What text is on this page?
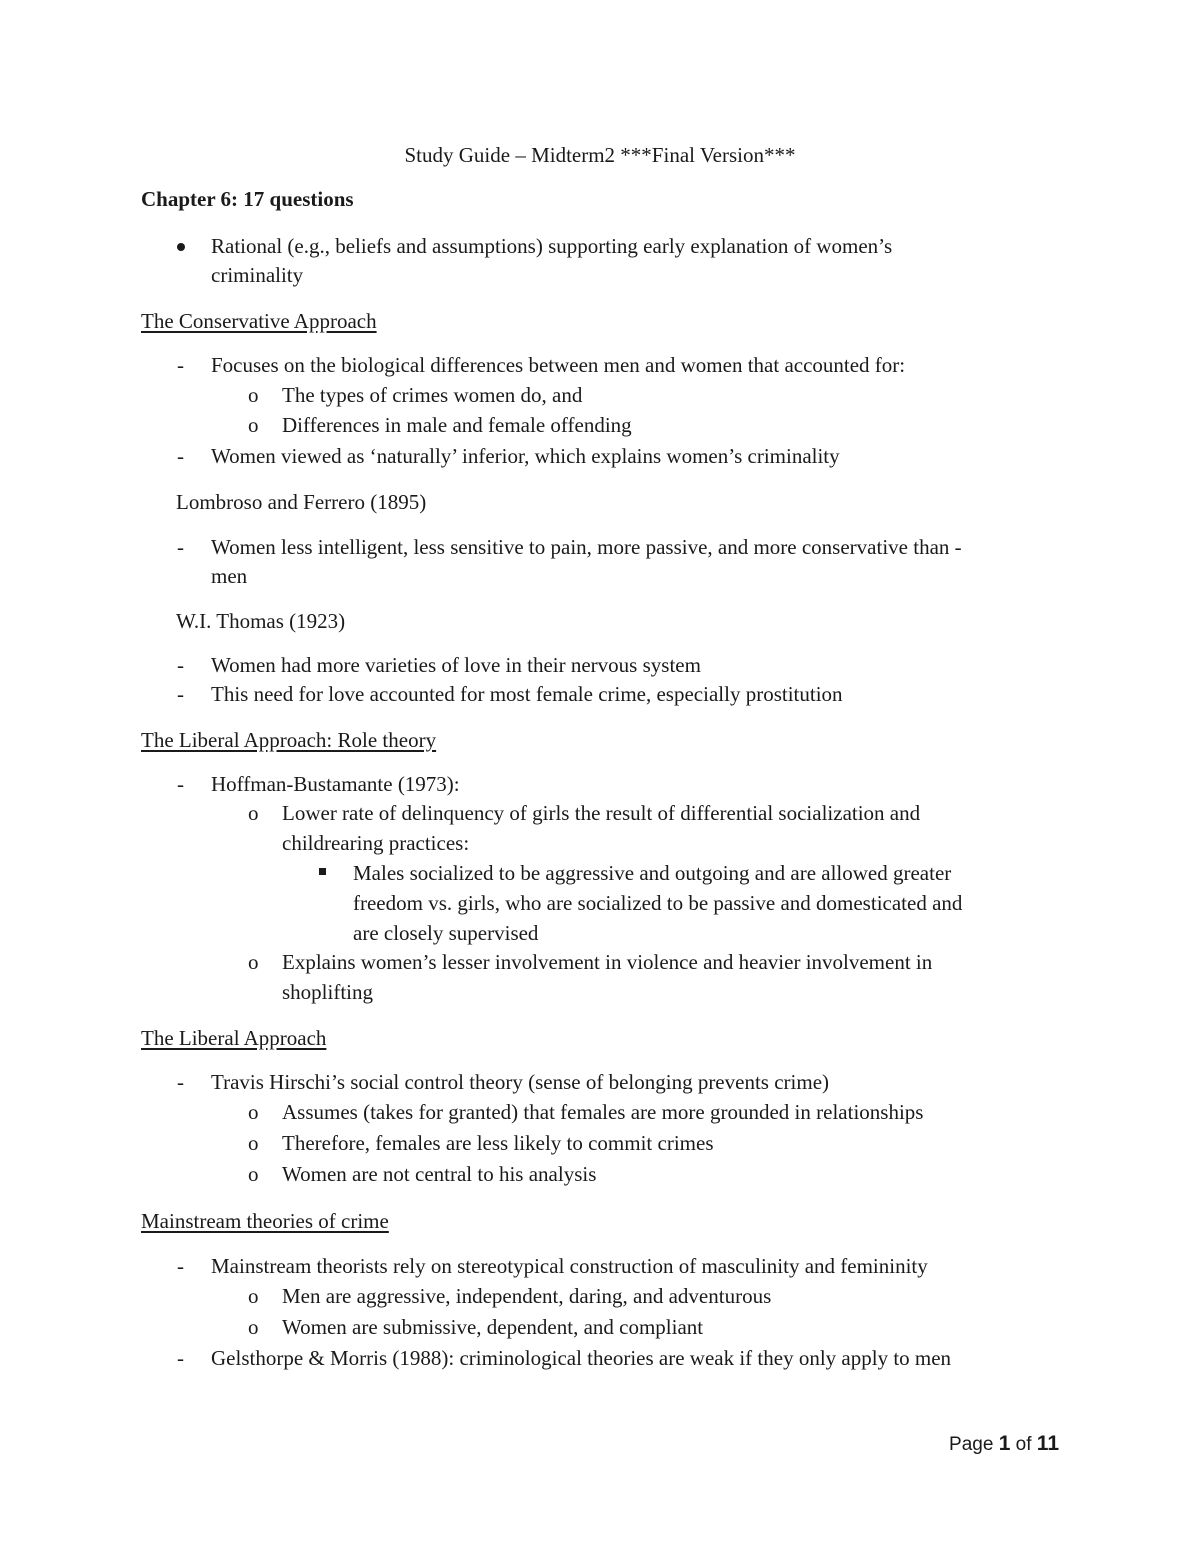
Study Guide – Midterm2 ***Final Version***
Chapter 6: 17 questions
Rational (e.g., beliefs and assumptions) supporting early explanation of women’s
criminality
The Conservative Approach
- Focuses on the biological differences between men and women that accounted for:
o The types of crimes women do, and
o Differences in male and female offending
- Women viewed as ‘naturally’ inferior, which explains women’s criminality
Lombroso and Ferrero (1895)
- Women less intelligent, less sensitive to pain, more passive, and more conservative than -
men
W.I. Thomas (1923)
- Women had more varieties of love in their nervous system
- This need for love accounted for most female crime, especially prostitution
The Liberal Approach: Role theory
- Hoffman-Bustamante (1973):
o Lower rate of delinquency of girls the result of differential socialization and
childrearing practices:
Males socialized to be aggressive and outgoing and are allowed greater
freedom vs. girls, who are socialized to be passive and domesticated and
are closely supervised
o Explains women’s lesser involvement in violence and heavier involvement in
shoplifting
The Liberal Approach
- Travis Hirschi’s social control theory (sense of belonging prevents crime)
o Assumes (takes for granted) that females are more grounded in relationships
o Therefore, females are less likely to commit crimes
o Women are not central to his analysis
Mainstream theories of crime
- Mainstream theorists rely on stereotypical construction of masculinity and femininity
o Men are aggressive, independent, daring, and adventurous
o Women are submissive, dependent, and compliant
- Gelsthorpe & Morris (1988): criminological theories are weak if they only apply to men
Page 1 of 11
